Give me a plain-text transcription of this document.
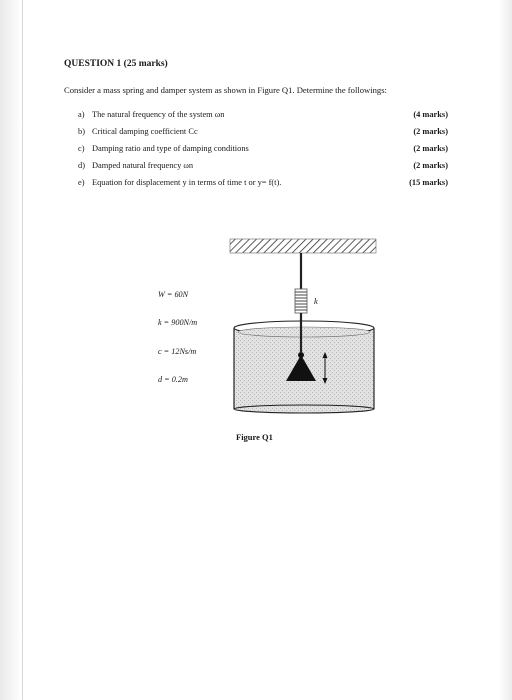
QUESTION 1 (25 marks)
Consider a mass spring and damper system as shown in Figure Q1. Determine the followings:
a) The natural frequency of the system ωn	(4 marks)
b) Critical damping coefficient Cc	(2 marks)
c) Damping ratio and type of damping conditions	(2 marks)
d) Damped natural frequency ωn	(2 marks)
e) Equation for displacement y in terms of time t or y= f(t).	(15 marks)
k
W = 60N
k = 900N/m
c = 12Ns/m
d = 0.2m
Figure Q1
